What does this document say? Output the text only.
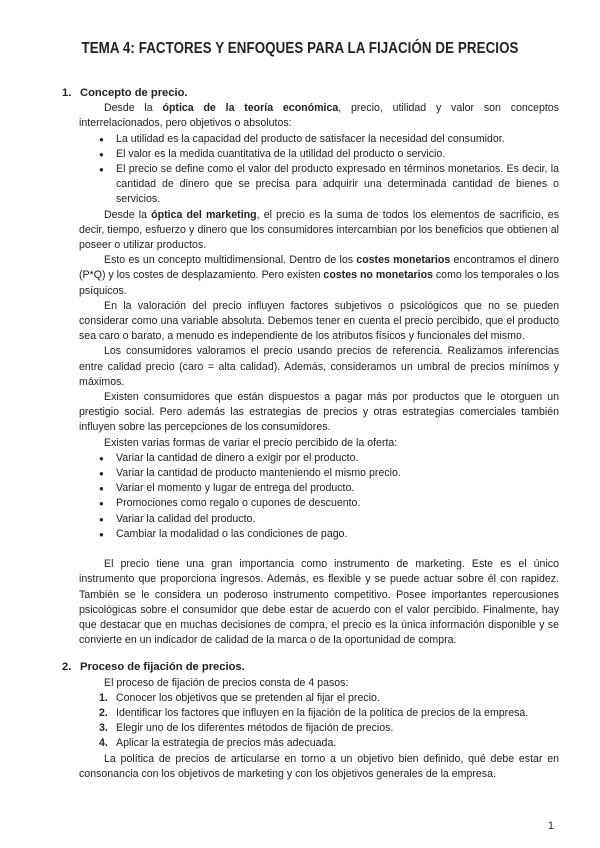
TEMA 4: FACTORES Y ENFOQUES PARA LA FIJACIÓN DE PRECIOS
1. Concepto de precio.
Desde la óptica de la teoría económica, precio, utilidad y valor son conceptos interrelacionados, pero objetivos o absolutos:
● La utilidad es la capacidad del producto de satisfacer la necesidad del consumidor.
● El valor es la medida cuantitativa de la utilidad del producto o servicio.
● El precio se define como el valor del producto expresado en términos monetarios. Es decir, la cantidad de dinero que se precisa para adquirir una determinada cantidad de bienes o servicios.
Desde la óptica del marketing, el precio es la suma de todos los elementos de sacrificio, es decir, tiempo, esfuerzo y dinero que los consumidores intercambian por los beneficios que obtienen al poseer o utilizar productos.
Esto es un concepto multidimensional. Dentro de los costes monetarios encontramos el dinero (P*Q) y los costes de desplazamiento. Pero existen costes no monetarios como los temporales o los psíquicos.
En la valoración del precio influyen factores subjetivos o psicológicos que no se pueden considerar como una variable absoluta. Debemos tener en cuenta el precio percibido, que el producto sea caro o barato, a menudo es independiente de los atributos físicos y funcionales del mismo.
Los consumidores valoramos el precio usando precios de referencia. Realizamos inferencias entre calidad precio (caro = alta calidad). Además, consideramos un umbral de precios mínimos y máximos.
Existen consumidores que están dispuestos a pagar más por productos que le otorguen un prestigio social. Pero además las estrategias de precios y otras estrategias comerciales también influyen sobre las percepciones de los consumidores.
Existen varias formas de variar el precio percibido de la oferta:
● Variar la cantidad de dinero a exigir por el producto.
● Variar la cantidad de producto manteniendo el mismo precio.
● Variar el momento y lugar de entrega del producto.
● Promociones como regalo o cupones de descuento.
● Variar la calidad del producto.
● Cambiar la modalidad o las condiciones de pago.
El precio tiene una gran importancia como instrumento de marketing. Este es el único instrumento que proporciona ingresos. Además, es flexible y se puede actuar sobre él con rapidez. También se le considera un poderoso instrumento competitivo. Posee importantes repercusiones psicológicas sobre el consumidor que debe estar de acuerdo con el valor percibido. Finalmente, hay que destacar que en muchas decisiones de compra, el precio es la única información disponible y se convierte en un indicador de calidad de la marca o de la oportunidad de compra.
2. Proceso de fijación de precios.
El proceso de fijación de precios consta de 4 pasos:
1. Conocer los objetivos que se pretenden al fijar el precio.
2. Identificar los factores que influyen en la fijación de la política de precios de la empresa.
3. Elegir uno de los diferentes métodos de fijación de precios.
4. Aplicar la estrategia de precios más adecuada.
La política de precios de articularse en torno a un objetivo bien definido, qué debe estar en consonancia con los objetivos de marketing y con los objetivos generales de la empresa.
1
